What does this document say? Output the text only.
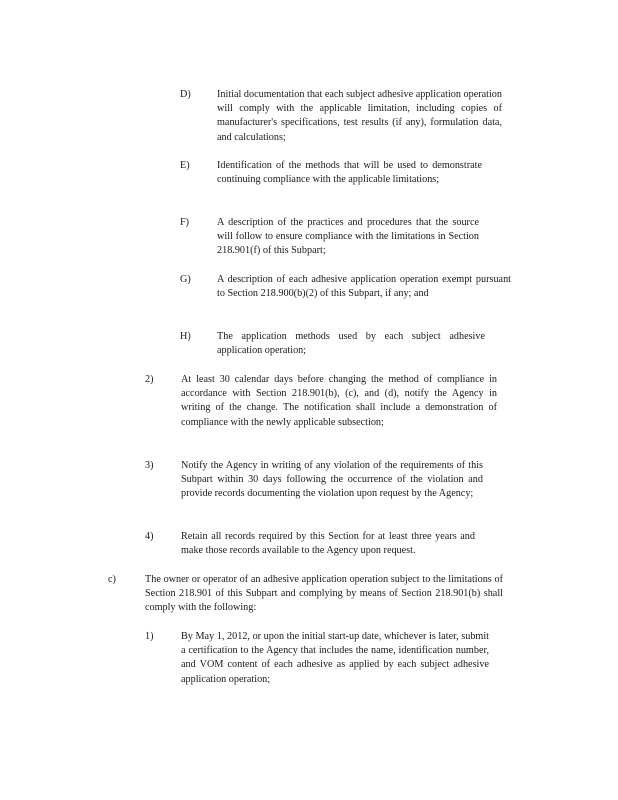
D)	Initial documentation that each subject adhesive application operation will comply with the applicable limitation, including copies of manufacturer's specifications, test results (if any), formulation data, and calculations;
E)	Identification of the methods that will be used to demonstrate continuing compliance with the applicable limitations;
F)	A description of the practices and procedures that the source will follow to ensure compliance with the limitations in Section 218.901(f) of this Subpart;
G)	A description of each adhesive application operation exempt pursuant to Section 218.900(b)(2) of this Subpart, if any; and
H)	The application methods used by each subject adhesive application operation;
2)	At least 30 calendar days before changing the method of compliance in accordance with Section 218.901(b), (c), and (d), notify the Agency in writing of the change. The notification shall include a demonstration of compliance with the newly applicable subsection;
3)	Notify the Agency in writing of any violation of the requirements of this Subpart within 30 days following the occurrence of the violation and provide records documenting the violation upon request by the Agency;
4)	Retain all records required by this Section for at least three years and make those records available to the Agency upon request.
c)	The owner or operator of an adhesive application operation subject to the limitations of Section 218.901 of this Subpart and complying by means of Section 218.901(b) shall comply with the following:
1)	By May 1, 2012, or upon the initial start-up date, whichever is later, submit a certification to the Agency that includes the name, identification number, and VOM content of each adhesive as applied by each subject adhesive application operation;
